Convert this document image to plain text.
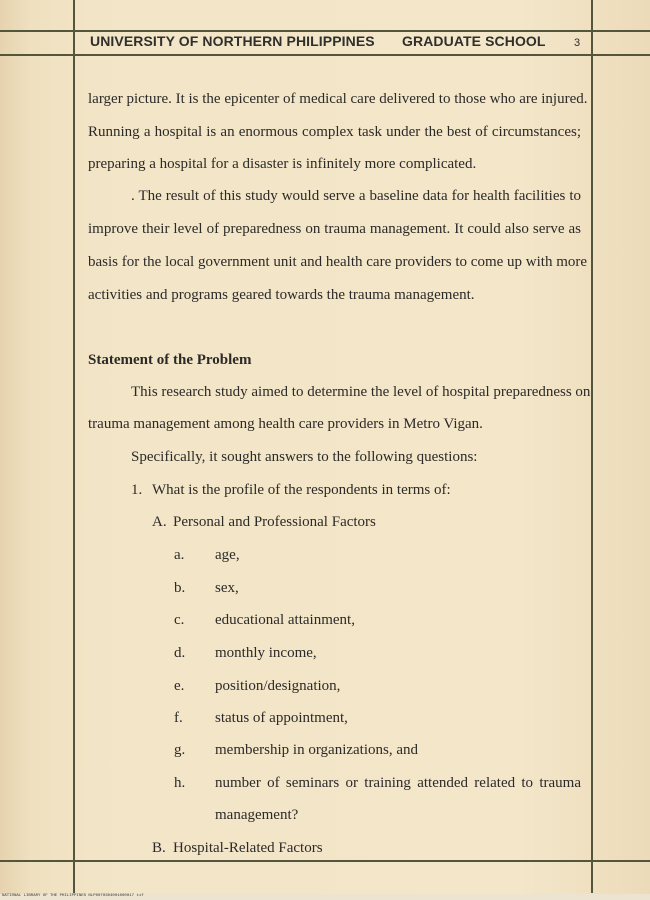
UNIVERSITY OF NORTHERN PHILIPPINES GRADUATE SCHOOL	3
larger picture. It is the epicenter of medical care delivered to those who are injured.
Running a hospital is an enormous complex task under the best of circumstances;
preparing a hospital for a disaster is infinitely more complicated.
. The result of this study would serve a baseline data for health facilities to
improve their level of preparedness on trauma management. It could also serve as
basis for the local government unit and health care providers to come up with more
activities and programs geared towards the trauma management.
Statement of the Problem
This research study aimed to determine the level of hospital preparedness on
trauma management among health care providers in Metro Vigan.
Specifically, it sought answers to the following questions:
1. What is the profile of the respondents in terms of:
A. Personal and Professional Factors
a. age,
b. sex,
c. educational attainment,
d. monthly income,
e. position/designation,
f. status of appointment,
g. membership in organizations, and
h. number of seminars or training attended related to trauma
management?
B. Hospital-Related Factors
NATIONAL LIBRARY OF THE PHILIPPINES NLP0070304001000017 tif
